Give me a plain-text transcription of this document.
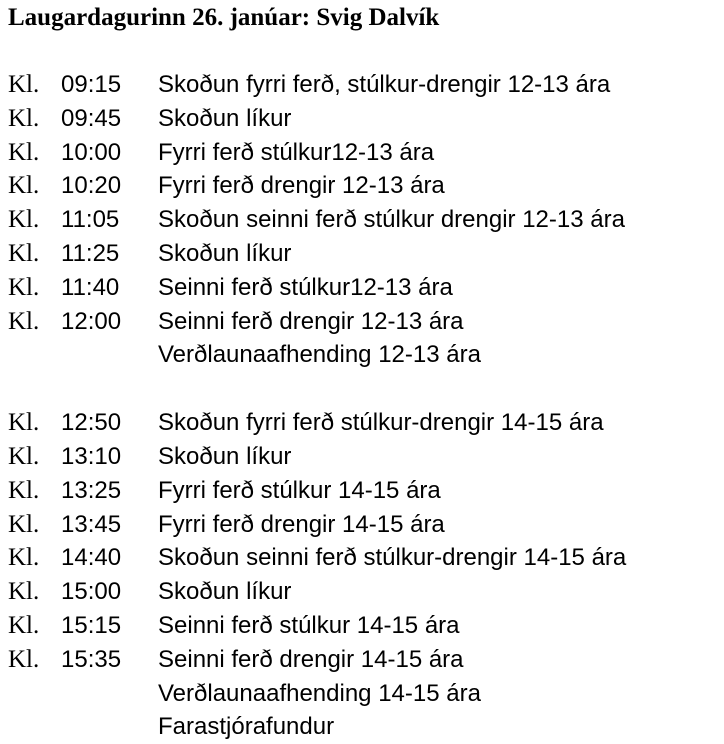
Laugardagurinn 26. janúar: Svig Dalvík
Kl. 09:15 Skoðun fyrri ferð, stúlkur-drengir 12-13 ára
Kl. 09:45 Skoðun líkur
Kl. 10:00 Fyrri ferð stúlkur12-13 ára
Kl. 10:20 Fyrri ferð drengir 12-13 ára
Kl. 11:05 Skoðun seinni ferð stúlkur drengir 12-13 ára
Kl. 11:25 Skoðun líkur
Kl. 11:40 Seinni ferð stúlkur12-13 ára
Kl. 12:00 Seinni ferð drengir 12-13 ára
Verðlaunaafhending 12-13 ára
Kl. 12:50 Skoðun fyrri ferð stúlkur-drengir 14-15 ára
Kl. 13:10 Skoðun líkur
Kl. 13:25 Fyrri ferð stúlkur 14-15 ára
Kl. 13:45 Fyrri ferð drengir 14-15 ára
Kl. 14:40 Skoðun seinni ferð stúlkur-drengir 14-15 ára
Kl. 15:00 Skoðun líkur
Kl. 15:15 Seinni ferð stúlkur 14-15 ára
Kl. 15:35 Seinni ferð drengir 14-15 ára
Verðlaunaafhending 14-15 ára
Farastjórafundur
